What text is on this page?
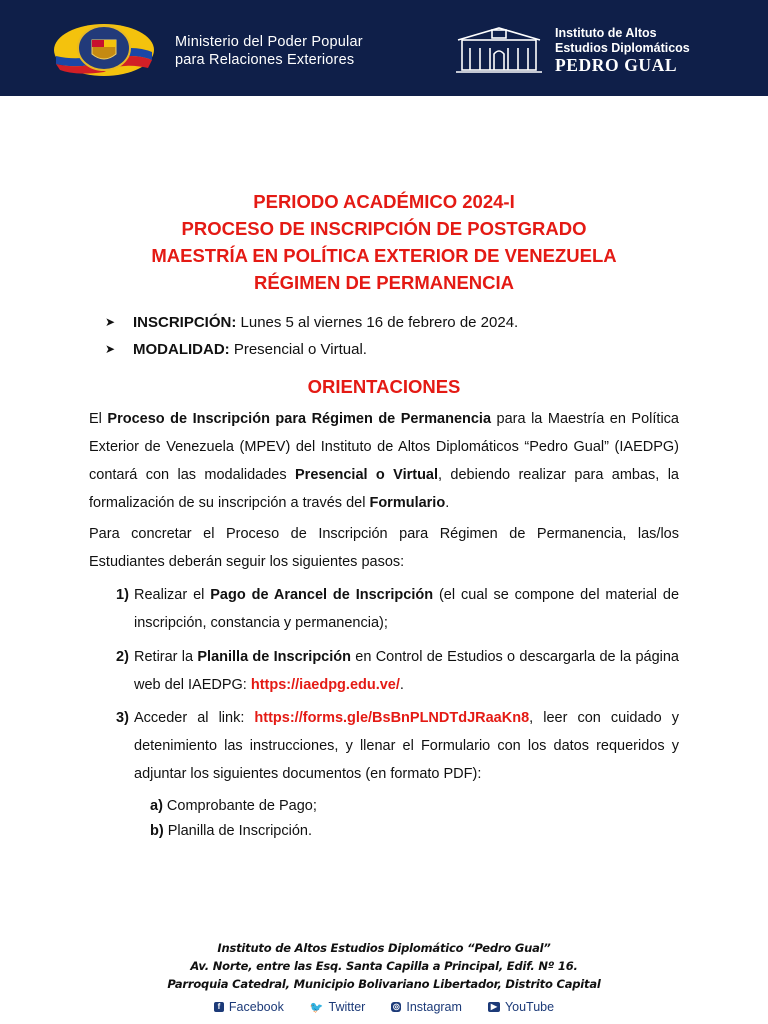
Ministerio del Poder Popular
para Relaciones Exteriores
Instituto de Altos
Estudios Diplomáticos
PEDRO GUAL
PERIODO ACADÉMICO 2024-I
PROCESO DE INSCRIPCIÓN DE POSTGRADO
MAESTRÍA EN POLÍTICA EXTERIOR DE VENEZUELA
RÉGIMEN DE PERMANENCIA
➤	INSCRIPCIÓN: Lunes 5 al viernes 16 de febrero de 2024.
➤	MODALIDAD: Presencial o Virtual.
ORIENTACIONES
El Proceso de Inscripción para Régimen de Permanencia para la Maestría en Política Exterior de Venezuela (MPEV) del Instituto de Altos Diplomáticos “Pedro Gual” (IAEDPG) contará con las modalidades Presencial o Virtual, debiendo realizar para ambas, la formalización de su inscripción a través del Formulario.
Para concretar el Proceso de Inscripción para Régimen de Permanencia, las/los Estudiantes deberán seguir los siguientes pasos:
1) Realizar el Pago de Arancel de Inscripción (el cual se compone del material de inscripción, constancia y permanencia);
2) Retirar la Planilla de Inscripción en Control de Estudios o descargarla de la página web del IAEDPG: https://iaedpg.edu.ve/.
3) Acceder al link: https://forms.gle/BsBnPLNDTdJRaaKn8, leer con cuidado y detenimiento las instrucciones, y llenar el Formulario con los datos requeridos y adjuntar los siguientes documentos (en formato PDF):
a) Comprobante de Pago;
b) Planilla de Inscripción.
Instituto de Altos Estudios Diplomático “Pedro Gual”
Av. Norte, entre las Esq. Santa Capilla a Principal, Edif. Nº 16.
Parroquia Catedral, Municipio Bolivariano Libertador, Distrito Capital
f Facebook 🐦 Twitter	◎ Instagram	▶ YouTube
